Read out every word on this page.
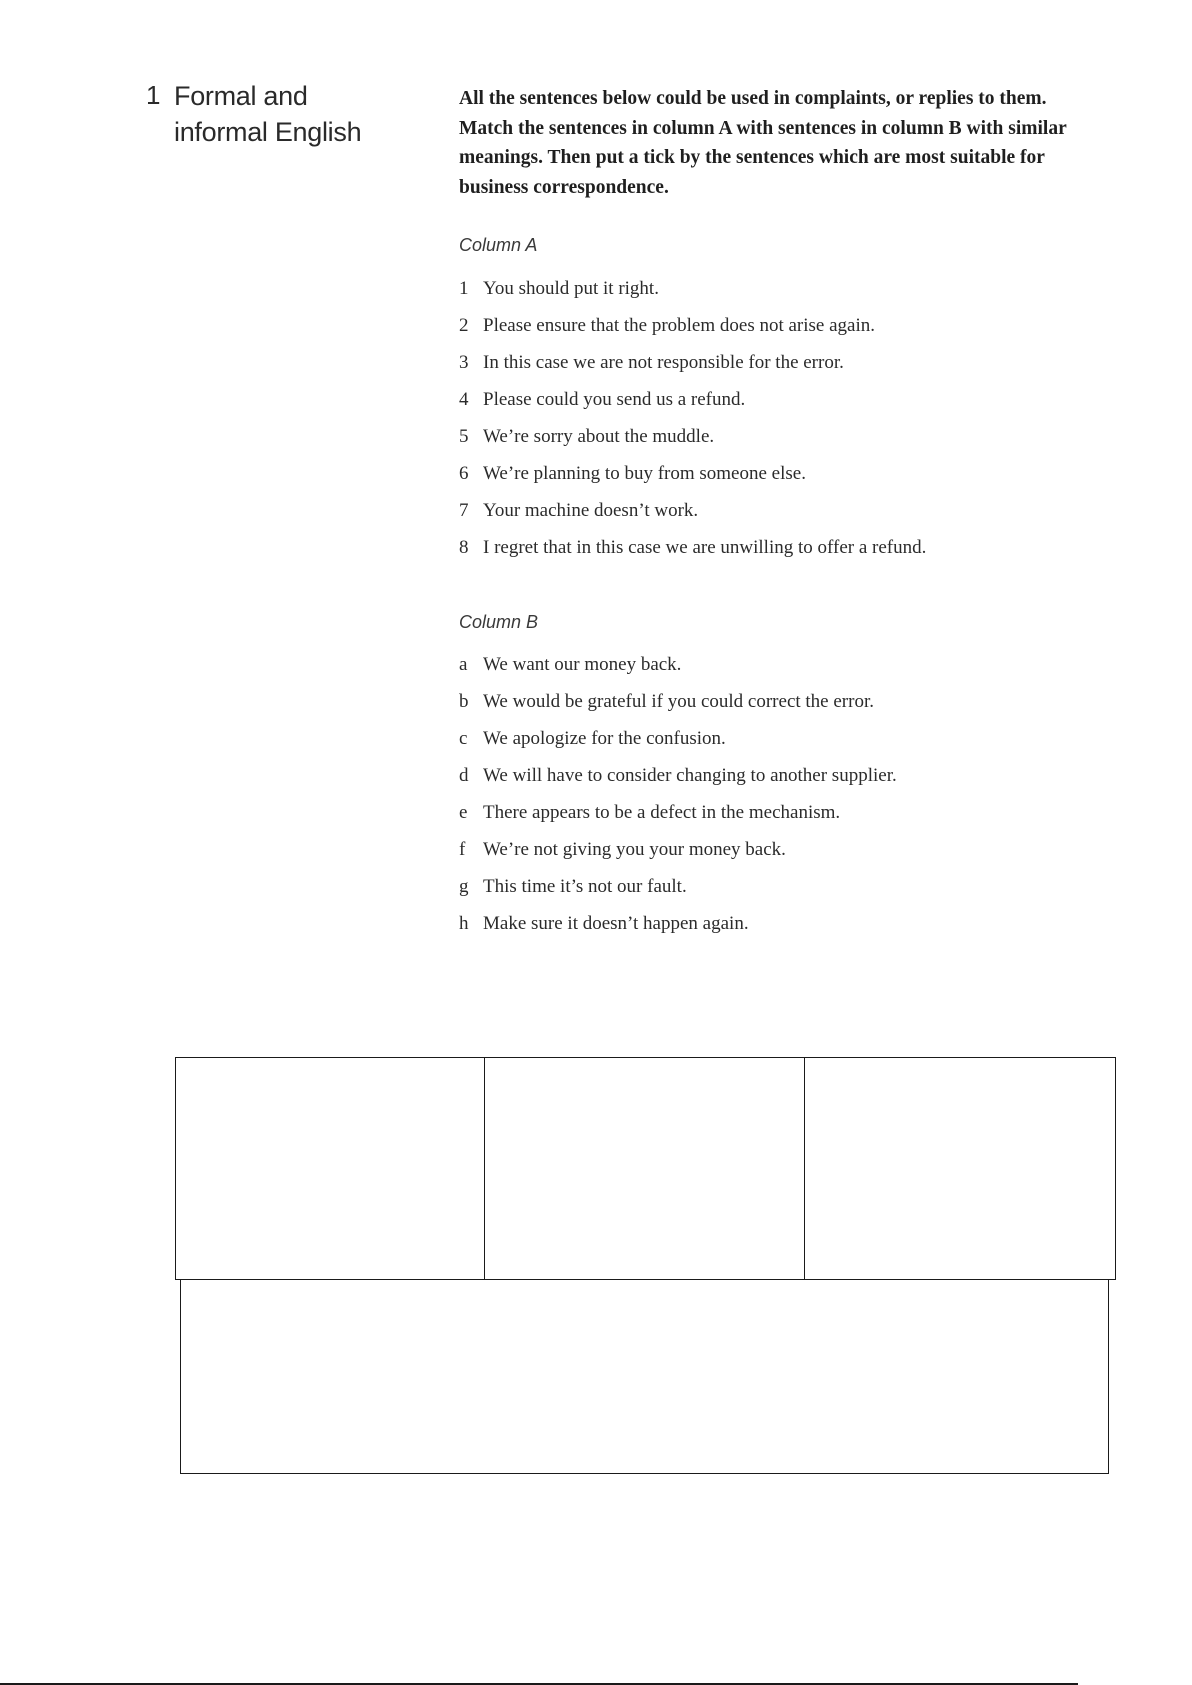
1 Formal and informal English
All the sentences below could be used in complaints, or replies to them. Match the sentences in column A with sentences in column B with similar meanings. Then put a tick by the sentences which are most suitable for business correspondence.
Column A
1 You should put it right.
2 Please ensure that the problem does not arise again.
3 In this case we are not responsible for the error.
4 Please could you send us a refund.
5 We’re sorry about the muddle.
6 We’re planning to buy from someone else.
7 Your machine doesn’t work.
8 I regret that in this case we are unwilling to offer a refund.
Column B
a We want our money back.
b We would be grateful if you could correct the error.
c We apologize for the confusion.
d We will have to consider changing to another supplier.
e There appears to be a defect in the mechanism.
f We’re not giving you your money back.
g This time it’s not our fault.
h Make sure it doesn’t happen again.
